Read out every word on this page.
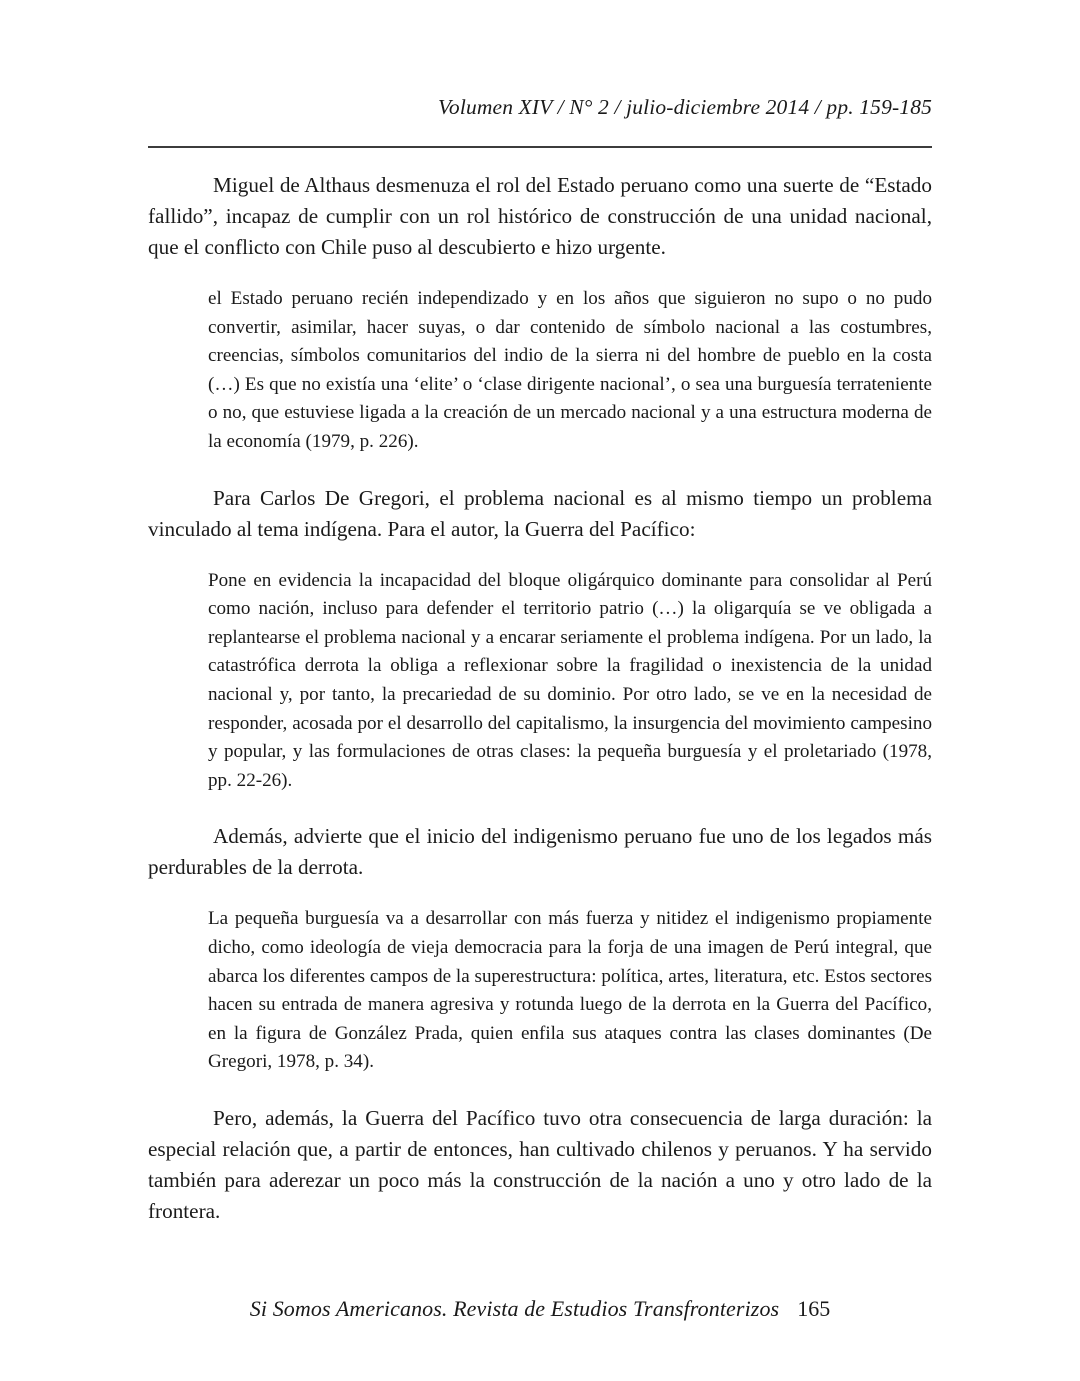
Volumen XIV / N° 2 / julio-diciembre 2014 / pp. 159-185

Miguel de Althaus desmenuza el rol del Estado peruano como una suerte de “Estado fallido”, incapaz de cumplir con un rol histórico de construcción de una unidad nacional, que el conflicto con Chile puso al descubierto e hizo urgente.

el Estado peruano recién independizado y en los años que siguieron no supo o no pudo convertir, asimilar, hacer suyas, o dar contenido de símbolo nacional a las costumbres, creencias, símbolos comunitarios del indio de la sierra ni del hombre de pueblo en la costa (…) Es que no existía una ‘elite’ o ‘clase dirigente nacional’, o sea una burguesía terrateniente o no, que estuviese ligada a la creación de un mercado nacional y a una estructura moderna de la economía (1979, p. 226).

Para Carlos De Gregori, el problema nacional es al mismo tiempo un problema vinculado al tema indígena. Para el autor, la Guerra del Pacífico:

Pone en evidencia la incapacidad del bloque oligárquico dominante para consolidar al Perú como nación, incluso para defender el territorio patrio (…) la oligarquía se ve obligada a replantearse el problema nacional y a encarar seriamente el problema indígena. Por un lado, la catastrófica derrota la obliga a reflexionar sobre la fragilidad o inexistencia de la unidad nacional y, por tanto, la precariedad de su dominio. Por otro lado, se ve en la necesidad de responder, acosada por el desarrollo del capitalismo, la insurgencia del movimiento campesino y popular, y las formulaciones de otras clases: la pequeña burguesía y el proletariado (1978, pp. 22-26).

Además, advierte que el inicio del indigenismo peruano fue uno de los legados más perdurables de la derrota.

La pequeña burguesía va a desarrollar con más fuerza y nitidez el indigenismo propiamente dicho, como ideología de vieja democracia para la forja de una imagen de Perú integral, que abarca los diferentes campos de la superestructura: política, artes, literatura, etc. Estos sectores hacen su entrada de manera agresiva y rotunda luego de la derrota en la Guerra del Pacífico, en la figura de González Prada, quien enfila sus ataques contra las clases dominantes (De Gregori, 1978, p. 34).

Pero, además, la Guerra del Pacífico tuvo otra consecuencia de larga duración: la especial relación que, a partir de entonces, han cultivado chilenos y peruanos. Y ha servido también para aderezar un poco más la construcción de la nación a uno y otro lado de la frontera.

Si Somos Americanos. Revista de Estudios Transfronterizos 165
